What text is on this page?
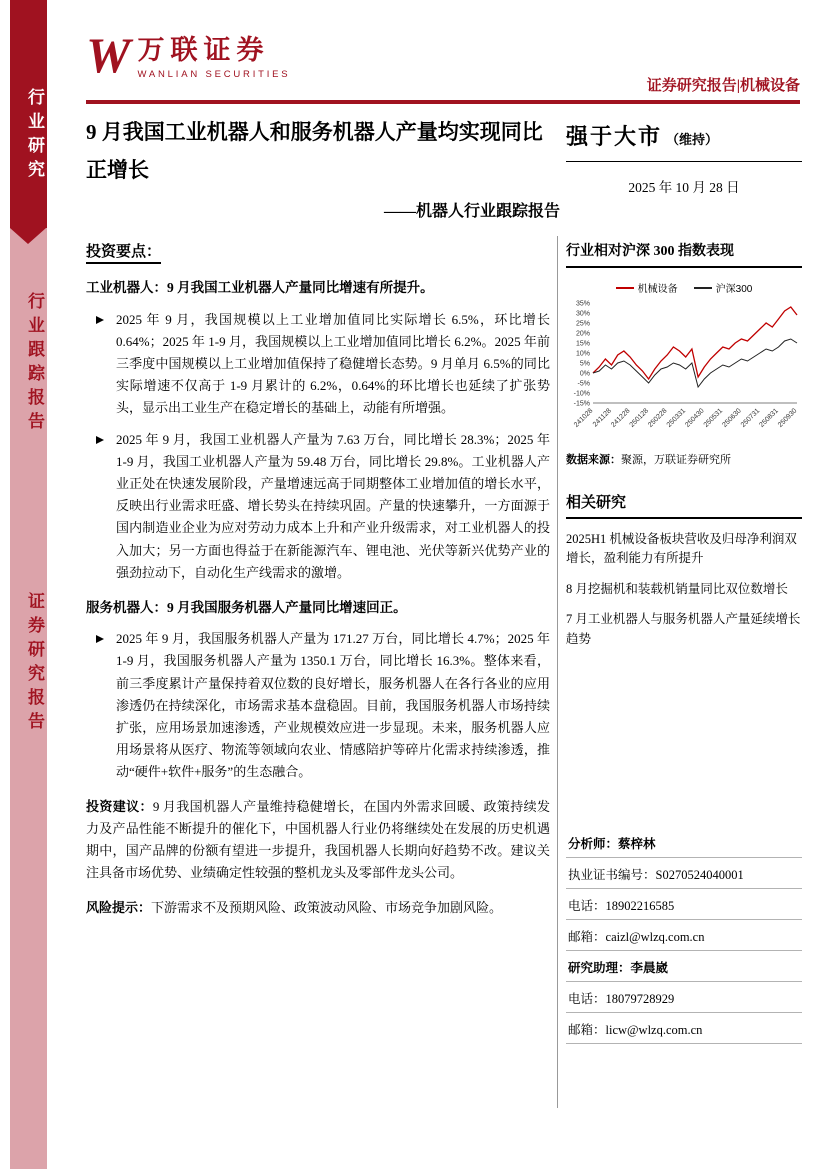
行业研究
行业跟踪报告
证券研究报告
W 万联证券
WANLIAN SECURITIES
证券研究报告|机械设备
9 月我国工业机器人和服务机器人产量均实现同比正增长
——机器人行业跟踪报告
强于大市 （维持）
2025 年 10 月 28 日
投资要点：
工业机器人：9 月我国工业机器人产量同比增速有所提升。
2025 年 9 月，我国规模以上工业增加值同比实际增长 6.5%，环比增长 0.64%；2025 年 1-9 月，我国规模以上工业增加值同比增长 6.2%。2025 年前三季度中国规模以上工业增加值保持了稳健增长态势。9 月单月 6.5%的同比实际增速不仅高于 1-9 月累计的 6.2%，0.64%的环比增长也延续了扩张势头，显示出工业生产在稳定增长的基础上，动能有所增强。
2025 年 9 月，我国工业机器人产量为 7.63 万台，同比增长 28.3%；2025 年 1-9 月，我国工业机器人产量为 59.48 万台，同比增长 29.8%。工业机器人产业正处在快速发展阶段，产量增速远高于同期整体工业增加值的增长水平，反映出行业需求旺盛、增长势头在持续巩固。产量的快速攀升，一方面源于国内制造业企业为应对劳动力成本上升和产业升级需求，对工业机器人的投入加大；另一方面也得益于在新能源汽车、锂电池、光伏等新兴优势产业的强劲拉动下，自动化生产线需求的激增。
服务机器人：9 月我国服务机器人产量同比增速回正。
2025 年 9 月，我国服务机器人产量为 171.27 万台，同比增长 4.7%；2025 年 1-9 月，我国服务机器人产量为 1350.1 万台，同比增长 16.3%。整体来看，前三季度累计产量保持着双位数的良好增长，服务机器人在各行各业的应用渗透仍在持续深化，市场需求基本盘稳固。目前，我国服务机器人市场持续扩张，应用场景加速渗透，产业规模效应进一步显现。未来，服务机器人应用场景将从医疗、物流等领域向农业、情感陪护等碎片化需求持续渗透，推动“硬件+软件+服务”的生态融合。
投资建议：9 月我国机器人产量维持稳健增长，在国内外需求回暖、政策持续发力及产品性能不断提升的催化下，中国机器人行业仍将继续处在发展的历史机遇期中，国产品牌的份额有望进一步提升，我国机器人长期向好趋势不改。建议关注具备市场优势、业绩确定性较强的整机龙头及零部件龙头公司。
风险提示：下游需求不及预期风险、政策波动风险、市场竞争加剧风险。
行业相对沪深 300 指数表现
机械设备	沪深300
-15%
-10%
-5%
0%
5%
10%
15%
20%
25%
30%
35%
241028
241128
241228
250128
250228
250331
250430
250531
250630
250731
250831
250930
数据来源：聚源，万联证券研究所
相关研究
2025H1 机械设备板块营收及归母净利润双增长，盈利能力有所提升
8 月挖掘机和装载机销量同比双位数增长
7 月工业机器人与服务机器人产量延续增长趋势
分析师：蔡梓林
执业证书编号：S0270524040001
电话：18902216585
邮箱：caizl@wlzq.com.cn
研究助理：李晨崴
电话：18079728929
邮箱：licw@wlzq.com.cn
